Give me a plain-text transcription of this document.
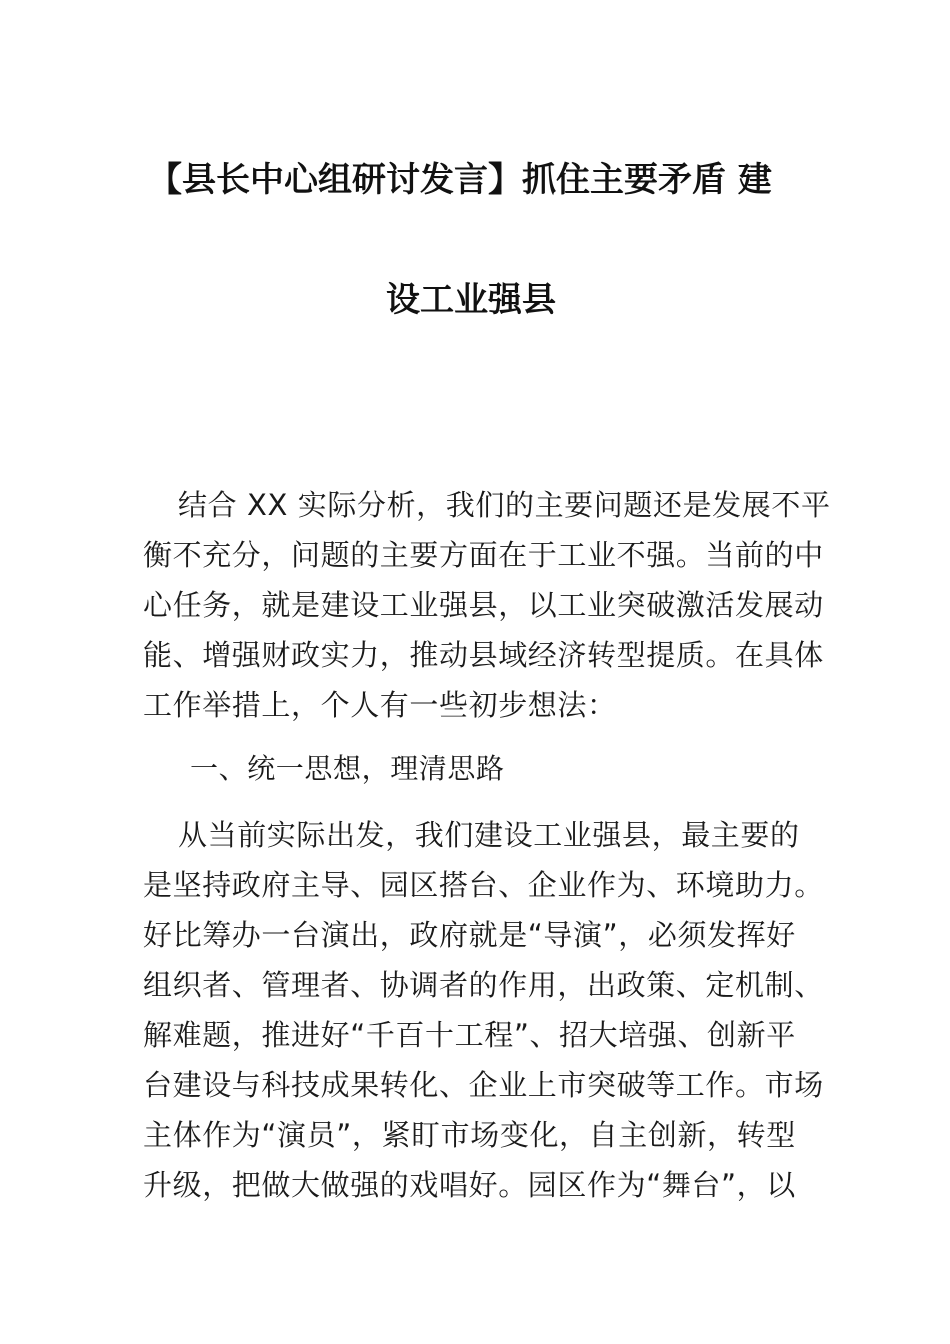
【县长中心组研讨发言】抓住主要矛盾 建
设工业强县
结合 XX 实际分析，我们的主要问题还是发展不平
衡不充分，问题的主要方面在于工业不强。当前的中
心任务，就是建设工业强县，以工业突破激活发展动
能、增强财政实力，推动县域经济转型提质。在具体
工作举措上，个人有一些初步想法：
一、统一思想，理清思路
从当前实际出发，我们建设工业强县，最主要的
是坚持政府主导、园区搭台、企业作为、环境助力。
好比筹办一台演出，政府就是“导演”，必须发挥好
组织者、管理者、协调者的作用，出政策、定机制、
解难题，推进好“千百十工程”、招大培强、创新平
台建设与科技成果转化、企业上市突破等工作。市场
主体作为“演员”，紧盯市场变化，自主创新，转型
升级，把做大做强的戏唱好。园区作为“舞台”，以
